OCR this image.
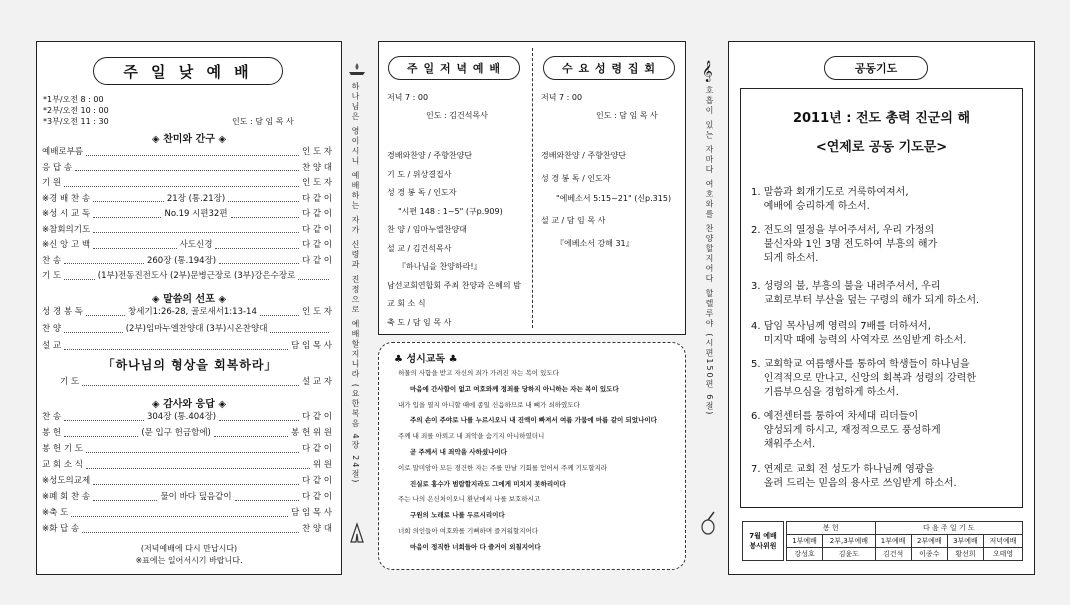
주 일 낮 예 배
*1부/오전 8 : 00
*2부/오전 10 : 00
*3부/오전 11 : 30	인도 : 담 임 목 사
◈ 찬미와 간구 ◈
예배로부름	인 도 자
응 답 송	찬 양 대
기 원	인 도 자
※경 배 찬 송	21장 (통.21장)	다 같 이
※성 시 교 독	No.19 시편32편	다 같 이
※참회의기도	다 같 이
※신 앙 고 백	사도신경	다 같 이
찬 송	260장 (통.194장)	다 같 이
기 도	(1부)전동진전도사 (2부)문병근장로 (3부)강은수장로
◈ 말씀의 선포 ◈
성 경 봉 독	창세기1:26-28, 골로새서1:13-14	인 도 자
찬 양	(2부)임마누엘찬양대 (3부)시온찬양대
설 교	담 임 목 사
「하나님의 형상을 회복하라」
기 도	설 교 자
◈ 감사와 응답 ◈
찬 송	304장 (통.404장)	다 같 이
봉 헌	(문 입구 헌금함에)	봉 헌 위 원
봉 헌 기 도	다 같 이
교 회 소 식	위 원
※성도의교제	다 같 이
※폐 회 찬 송	물이 바다 덮음같이	다 같 이
※축 도	담 임 목 사
※화 답 송	찬 양 대
(저녁예배에 다시 만납시다)
※표에는 일어서시기 바랍니다.
하나님은 영이시니 예배하는 자가 신령과 진정으로 예배할지니라 (요한복음 4장 24절)
𝄞
호흡이 있는 자마다 여호와를 찬양할지어다 할렐루야 (시편150편 6절)
주 일 저 녁 예 배	수 요 성 령 집 회
저녁 7 : 00
인도 : 김건석목사
경배와찬양 / 주향찬양단
기 도 / 위상결집사
성 경 봉 독 / 인도자
"시편 148 : 1~5" (구p.909)
찬 양 / 임마누엘찬양대
설 교 / 김건석목사
『하나님을 찬양하라!』
남선교회연합회 주최 찬양과 은혜의 밤
교 회 소 식
축 도 / 담 임 목 사
저녁 7 : 00
인도 : 담 임 목 사
경배와찬양 / 주향찬양단
성 경 봉 독 / 인도자
"에베소서 5:15~21" (신p.315)
설 교 / 담 임 목 사
『에베소서 강해 31』
♣ 성시교독 ♣
허물의 사함을 받고 자신의 죄가 가려진 자는 복이 있도다
마음에 간사함이 없고 여호와께 정죄를 당하지 아니하는 자는 복이 있도다
내가 입을 열지 아니할 때에 종일 신음하므로 내 뼈가 쇠하였도다
주의 손이 주야로 나를 누르시오니 내 진액이 빠져서 여름 가뭄에 마름 같이 되었나이다
주께 내 죄를 아뢰고 내 죄악을 숨기지 아니하였더니
곧 주께서 내 죄악을 사하셨나이다
이로 말미암아 모든 경건한 자는 주를 만날 기회를 얻어서 주께 기도할지라
진실로 홍수가 범람할지라도 그에게 미치지 못하리이다
주는 나의 은신처이오니 환난에서 나를 보호하시고
구원의 노래로 나를 두르시리이다
너희 의인들아 여호와를 기뻐하며 즐거워할지어다
마음이 정직한 너희들아 다 즐거이 외칠지어다
공동기도
2011년 : 전도 총력 진군의 해
<연제로 공동 기도문>
1. 말씀과 회개기도로 거룩하여져서,
예배에 승리하게 하소서.
2. 전도의 열정을 부어주셔서, 우리 가정의
불신자와 1인 3명 전도하여 부흥의 해가
되게 하소서.
3. 성령의 불, 부흥의 불을 내려주셔서, 우리
교회로부터 부산을 덮는 구령의 해가 되게 하소서.
4. 담임 목사님께 영력의 7배를 더하셔서,
미지막 때에 능력의 사역자로 쓰임받게 하소서.
5. 교회학교 여름행사를 통하여 학생들이 하나님을
인격적으로 만나고, 신앙의 회복과 성령의 강력한
기름부으심을 경험하게 하소서.
6. 예전센터를 통하여 차세대 리더들이
양성되게 하시고, 재정적으로도 풍성하게
채워주소서.
7. 연제로 교회 전 성도가 하나님께 영광을
올려 드리는 믿음의 용사로 쓰임받게 하소서.
7월 예배
봉사위원
봉 헌		다 음 주 일 기 도			
1부예배	2부,3부예배	1부예배	2부예배	3부예배	저녁예배
강성호	김윤도	김건석	이종수	황선희	오태영
